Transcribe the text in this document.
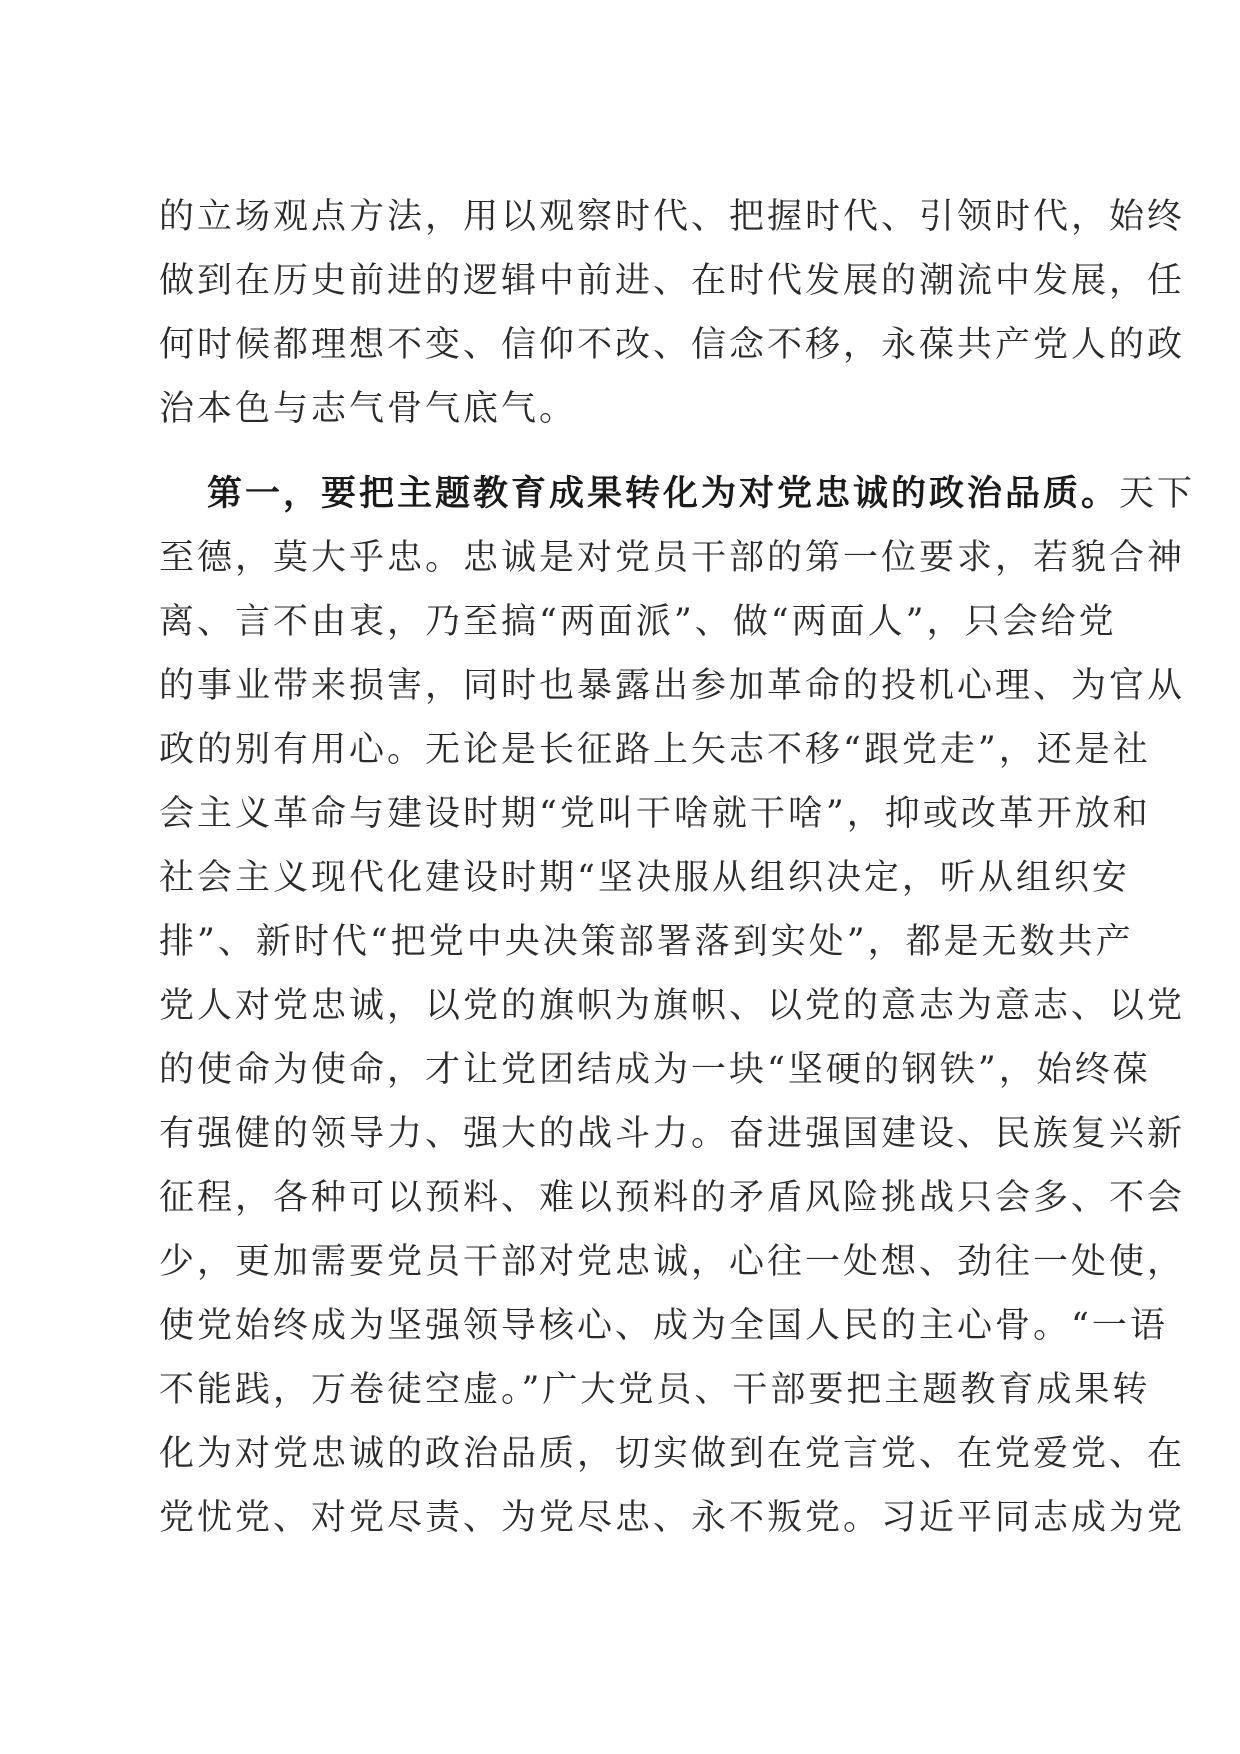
的立场观点方法，用以观察时代、把握时代、引领时代，始终
做到在历史前进的逻辑中前进、在时代发展的潮流中发展，任
何时候都理想不变、信仰不改、信念不移，永葆共产党人的政
治本色与志气骨气底气。
第一，要把主题教育成果转化为对党忠诚的政治品质。天下
至德，莫大乎忠。忠诚是对党员干部的第一位要求，若貌合神
离、言不由衷，乃至搞“两面派”、做“两面人”，只会给党
的事业带来损害，同时也暴露出参加革命的投机心理、为官从
政的别有用心。无论是长征路上矢志不移“跟党走”，还是社
会主义革命与建设时期“党叫干啥就干啥”，抑或改革开放和
社会主义现代化建设时期“坚决服从组织决定，听从组织安
排”、新时代“把党中央决策部署落到实处”，都是无数共产
党人对党忠诚，以党的旗帜为旗帜、以党的意志为意志、以党
的使命为使命，才让党团结成为一块“坚硬的钢铁”，始终葆
有强健的领导力、强大的战斗力。奋进强国建设、民族复兴新
征程，各种可以预料、难以预料的矛盾风险挑战只会多、不会
少，更加需要党员干部对党忠诚，心往一处想、劲往一处使，
使党始终成为坚强领导核心、成为全国人民的主心骨。“一语
不能践，万卷徒空虚。”广大党员、干部要把主题教育成果转
化为对党忠诚的政治品质，切实做到在党言党、在党爱党、在
党忧党、对党尽责、为党尽忠、永不叛党。习近平同志成为党
